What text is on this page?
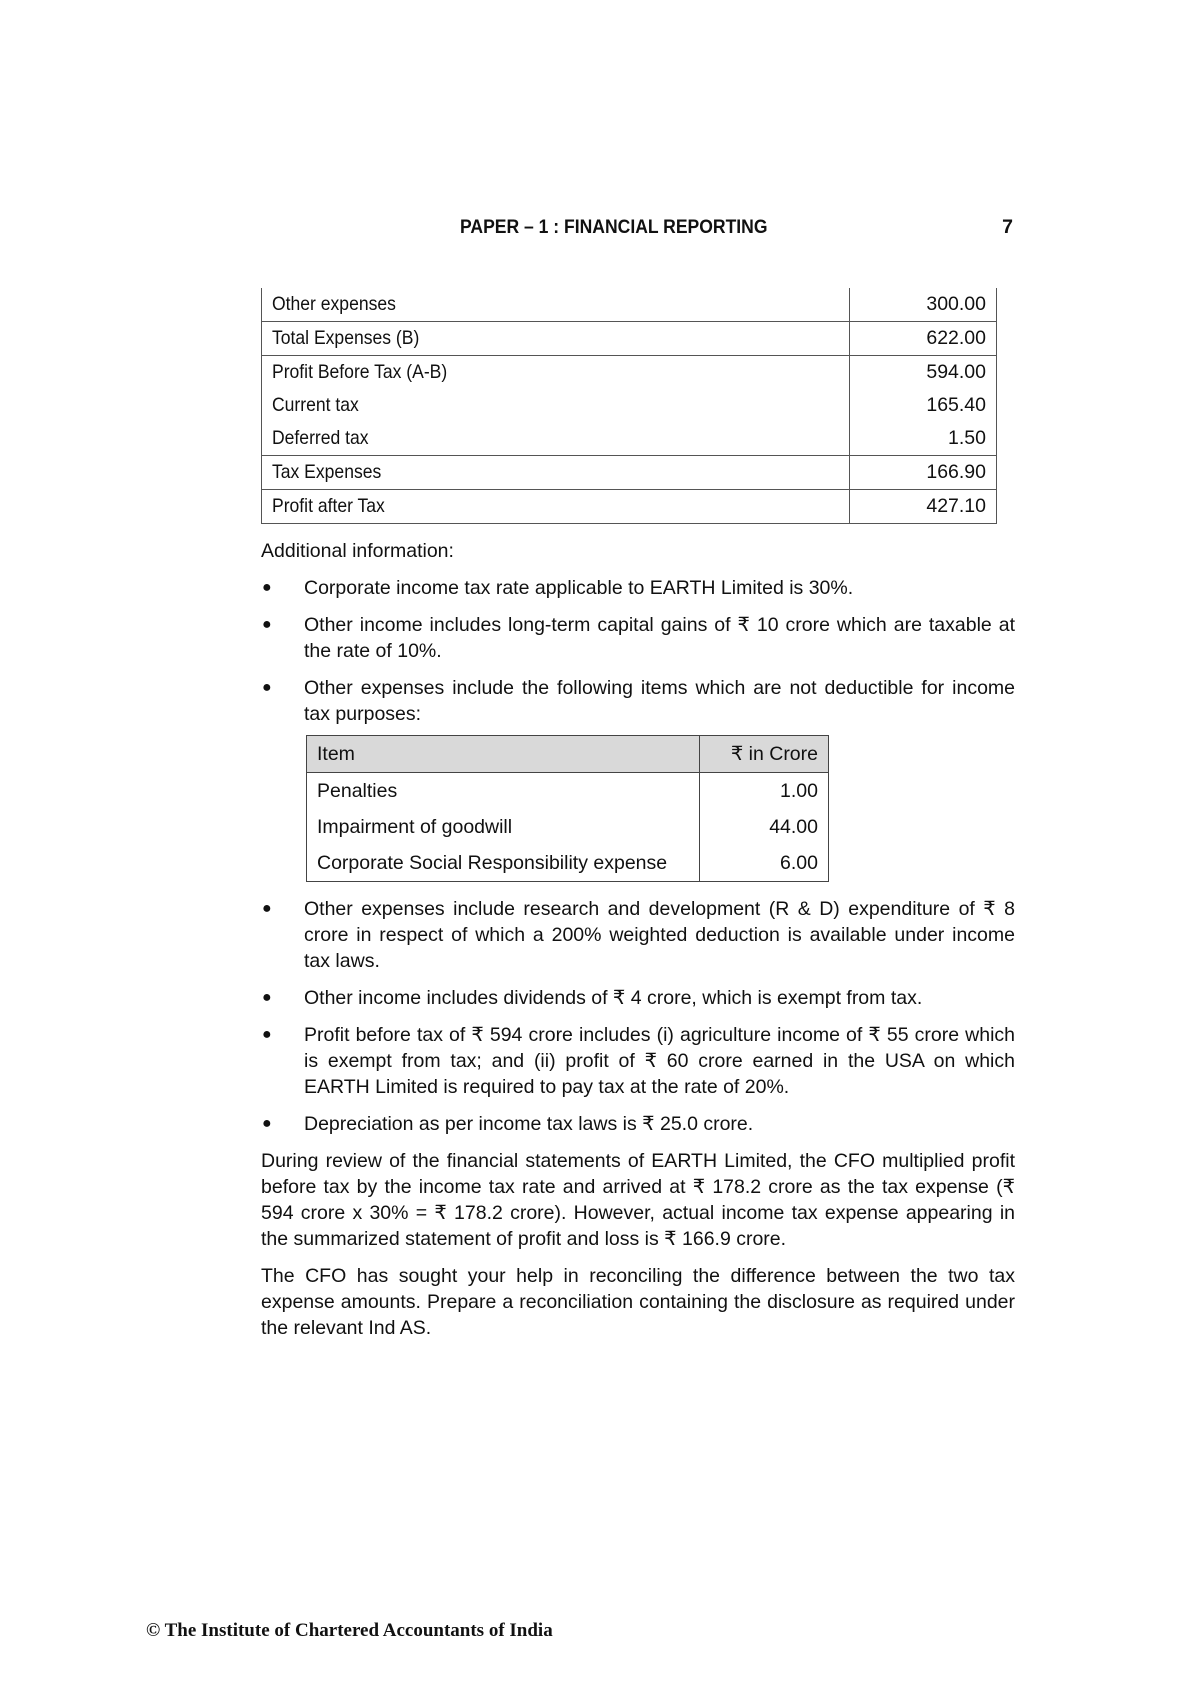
PAPER – 1 : FINANCIAL REPORTING	7
Other expenses	300.00
Total Expenses (B)	622.00
Profit Before Tax (A-B)	594.00
Current tax	165.40
Deferred tax	1.50
Tax Expenses	166.90
Profit after Tax	427.10

Additional information:

● Corporate income tax rate applicable to EARTH Limited is 30%.
● Other income includes long-term capital gains of ₹ 10 crore which are taxable at the rate of 10%.
● Other expenses include the following items which are not deductible for income tax purposes:
Item	₹ in Crore
Penalties	1.00
Impairment of goodwill	44.00
Corporate Social Responsibility expense	6.00
● Other expenses include research and development (R & D) expenditure of ₹ 8 crore in respect of which a 200% weighted deduction is available under income tax laws.
● Other income includes dividends of ₹ 4 crore, which is exempt from tax.
● Profit before tax of ₹ 594 crore includes (i) agriculture income of ₹ 55 crore which is exempt from tax; and (ii) profit of ₹ 60 crore earned in the USA on which EARTH Limited is required to pay tax at the rate of 20%.
● Depreciation as per income tax laws is ₹ 25.0 crore.

During review of the financial statements of EARTH Limited, the CFO multiplied profit before tax by the income tax rate and arrived at ₹ 178.2 crore as the tax expense (₹ 594 crore x 30% = ₹ 178.2 crore). However, actual income tax expense appearing in the summarized statement of profit and loss is ₹ 166.9 crore.

The CFO has sought your help in reconciling the difference between the two tax expense amounts. Prepare a reconciliation containing the disclosure as required under the relevant Ind AS.

© The Institute of Chartered Accountants of India
